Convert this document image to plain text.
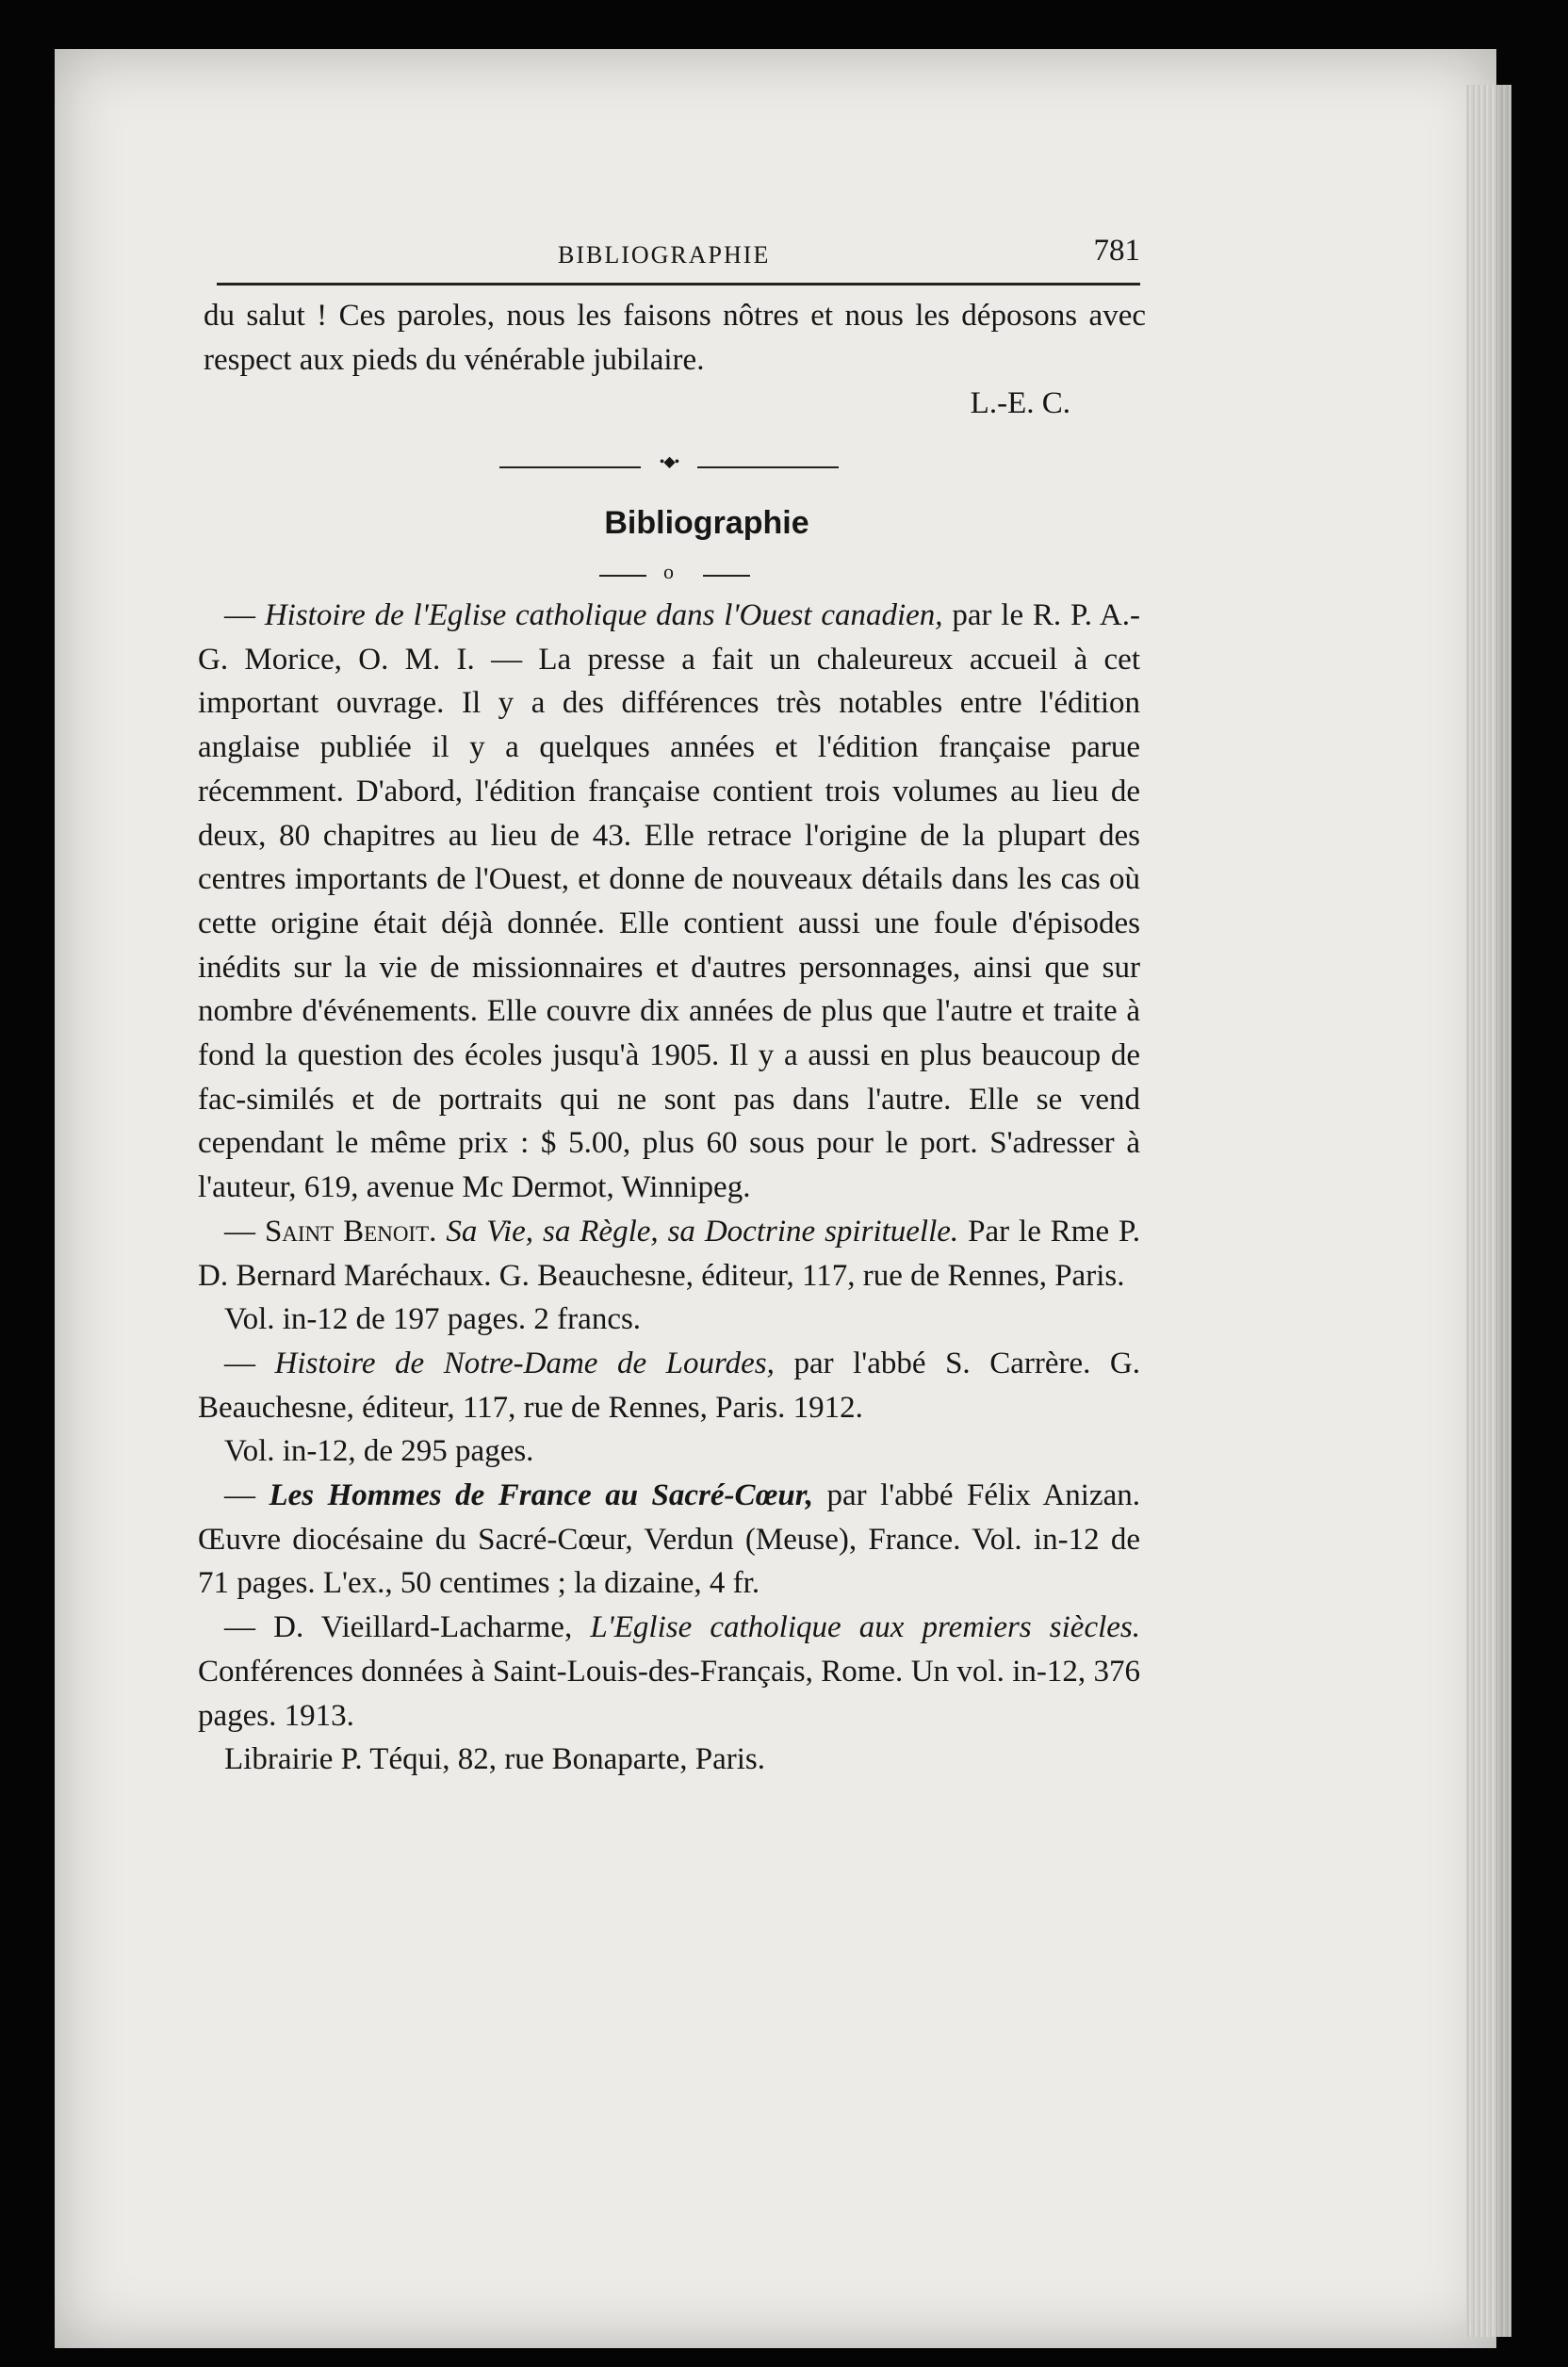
BIBLIOGRAPHIE	781

du salut ! Ces paroles, nous les faisons nôtres et nous les déposons avec respect aux pieds du vénérable jubilaire.

L.-E. C.

•◆•
Bibliographie
o

— Histoire de l'Eglise catholique dans l'Ouest canadien, par le R. P. A.-G. Morice, O. M. I. — La presse a fait un chaleureux accueil à cet important ouvrage. Il y a des différences très notables entre l'édition anglaise publiée il y a quelques années et l'édition française parue récemment. D'abord, l'édition française contient trois volumes au lieu de deux, 80 chapitres au lieu de 43. Elle retrace l'origine de la plupart des centres importants de l'Ouest, et donne de nouveaux détails dans les cas où cette origine était déjà donnée. Elle contient aussi une foule d'épisodes inédits sur la vie de missionnaires et d'autres personnages, ainsi que sur nombre d'événements. Elle couvre dix années de plus que l'autre et traite à fond la question des écoles jusqu'à 1905. Il y a aussi en plus beaucoup de fac-similés et de portraits qui ne sont pas dans l'autre. Elle se vend cependant le même prix : $ 5.00, plus 60 sous pour le port. S'adresser à l'auteur, 619, avenue Mc Dermot, Winnipeg.

— Saint Benoit. Sa Vie, sa Règle, sa Doctrine spirituelle. Par le Rme P. D. Bernard Maréchaux. G. Beauchesne, éditeur, 117, rue de Rennes, Paris.

Vol. in-12 de 197 pages. 2 francs.

— Histoire de Notre-Dame de Lourdes, par l'abbé S. Carrère. G. Beauchesne, éditeur, 117, rue de Rennes, Paris. 1912.

Vol. in-12, de 295 pages.

— Les Hommes de France au Sacré-Cœur, par l'abbé Félix Anizan. Œuvre diocésaine du Sacré-Cœur, Verdun (Meuse), France. Vol. in-12 de 71 pages. L'ex., 50 centimes ; la dizaine, 4 fr.

— D. Vieillard-Lacharme, L'Eglise catholique aux premiers siècles. Conférences données à Saint-Louis-des-Français, Rome. Un vol. in-12, 376 pages. 1913.

Librairie P. Téqui, 82, rue Bonaparte, Paris.
